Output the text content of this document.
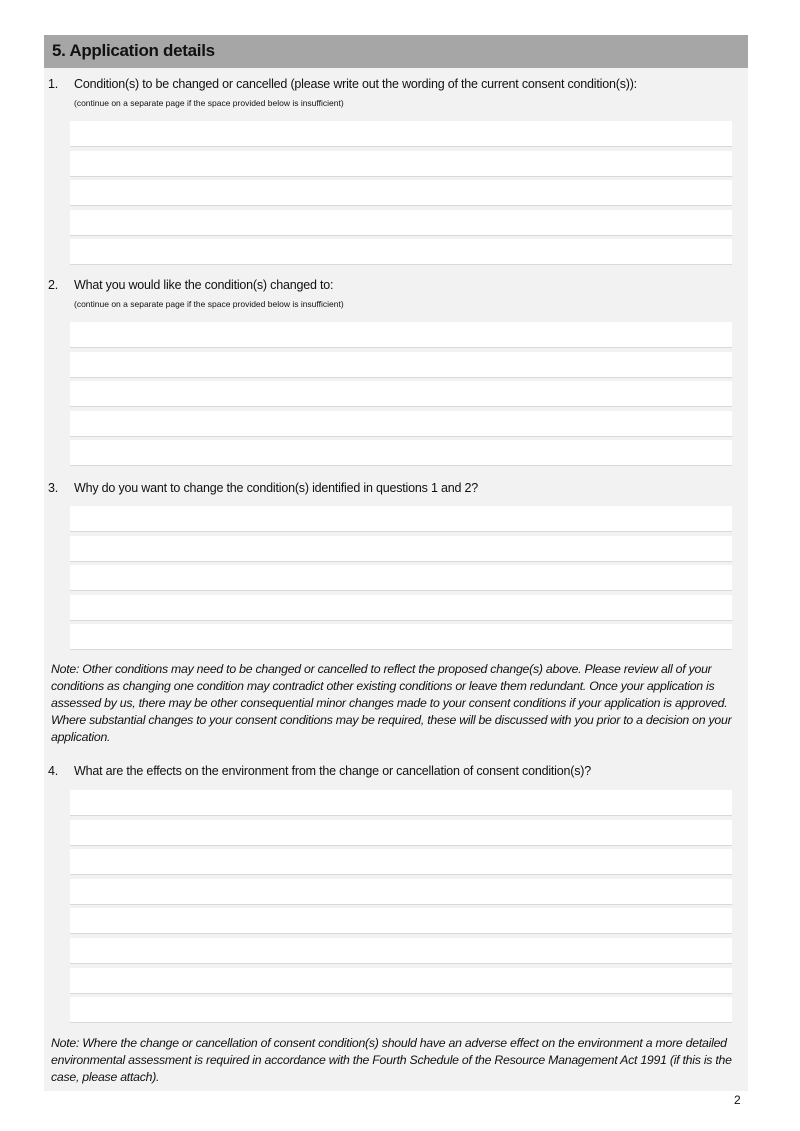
5. Application details
1. Condition(s) to be changed or cancelled (please write out the wording of the current consent condition(s)):
(continue on a separate page if the space provided below is insufficient)
2. What you would like the condition(s) changed to:
(continue on a separate page if the space provided below is insufficient)
3. Why do you want to change the condition(s) identified in questions 1 and 2?
Note: Other conditions may need to be changed or cancelled to reflect the proposed change(s) above. Please review all of your conditions as changing one condition may contradict other existing conditions or leave them redundant. Once your application is assessed by us, there may be other consequential minor changes made to your consent conditions if your application is approved. Where substantial changes to your consent conditions may be required, these will be discussed with you prior to a decision on your application.
4. What are the effects on the environment from the change or cancellation of consent condition(s)?
Note: Where the change or cancellation of consent condition(s) should have an adverse effect on the environment a more detailed environmental assessment is required in accordance with the Fourth Schedule of the Resource Management Act 1991 (if this is the case, please attach).
2
